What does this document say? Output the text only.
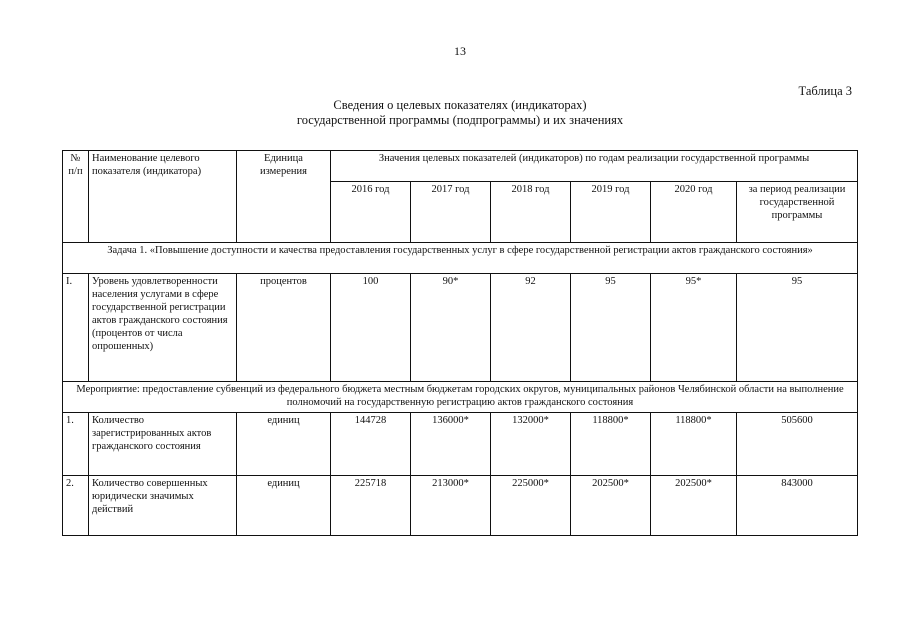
13
Таблица 3
Сведения о целевых показателях (индикаторах)
государственной программы (подпрограммы) и их значениях
№ п/п	Наименование целевого показателя (индикатора)	Единица измерения	Значения целевых показателей (индикаторов) по годам реализации государственной программы					
			2016 год	2017 год	2018 год	2019 год	2020 год	за период реализации государственной программы
Задача 1. «Повышение доступности и качества предоставления государственных услуг в сфере государственной регистрации актов гражданского состояния»								
I.	Уровень удовлетворенности населения услугами в сфере государственной регистрации актов гражданского состояния (процентов от числа опрошенных)	процентов	100	90*	92	95	95*	95
Мероприятие: предоставление субвенций из федерального бюджета местным бюджетам городских округов, муниципальных районов Челябинской области на выполнение полномочий на государственную регистрацию актов гражданского состояния								
1.	Количество зарегистрированных актов гражданского состояния	единиц	144728	136000*	132000*	118800*	118800*	505600
2.	Количество совершенных юридически значимых действий	единиц	225718	213000*	225000*	202500*	202500*	843000
